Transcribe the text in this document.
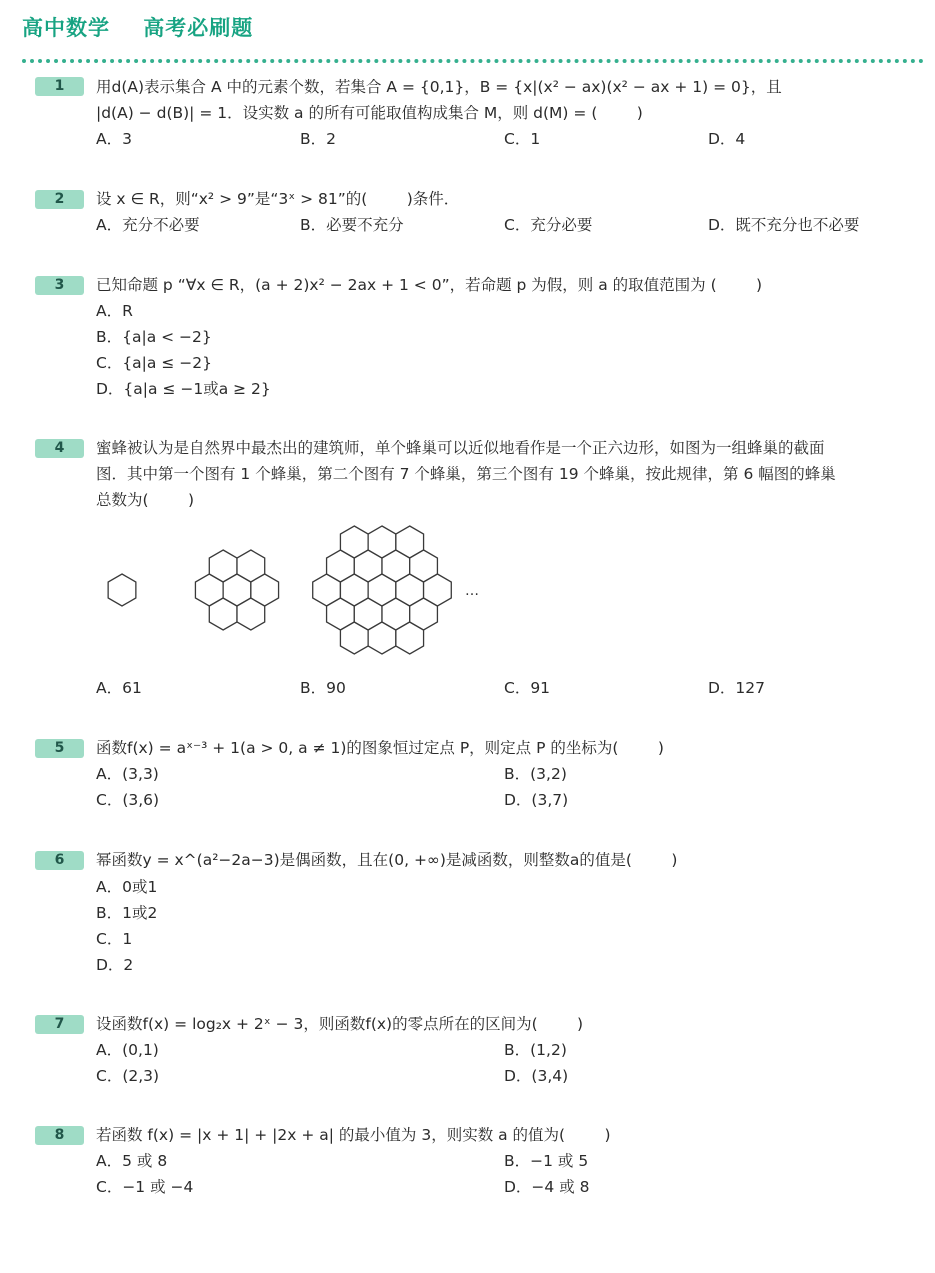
高中数学    高考必刷题
1	用d(A)表示集合 A 中的元素个数，若集合 A = {0,1}，B = {x|(x² − ax)(x² − ax + 1) = 0}，且
|d(A) − d(B)| = 1．设实数 a 的所有可能取值构成集合 M，则 d(M) = (        )
A．3	B．2	C．1	D．4
2	设 x ∈ R，则“x² > 9”是“3ˣ > 81”的(        )条件．
A．充分不必要	B．必要不充分	C．充分必要	D．既不充分也不必要
3	已知命题 p “∀x ∈ R，(a + 2)x² − 2ax + 1 < 0”，若命题 p 为假，则 a 的取值范围为 (        )
A．R
B．{a|a < −2}
C．{a|a ≤ −2}
D．{a|a ≤ −1或a ≥ 2}
4	蜜蜂被认为是自然界中最杰出的建筑师，单个蜂巢可以近似地看作是一个正六边形，如图为一组蜂巢的截面
图．其中第一个图有 1 个蜂巢，第二个图有 7 个蜂巢，第三个图有 19 个蜂巢，按此规律，第 6 幅图的蜂巢
总数为(        )
…
A．61	B．90	C．91	D．127
5	函数f(x) = aˣ⁻³ + 1(a > 0, a ≠ 1)的图象恒过定点 P，则定点 P 的坐标为(        )
A．(3,3)	B．(3,2)
C．(3,6)	D．(3,7)
6	幂函数y = x^(a²−2a−3)是偶函数，且在(0, +∞)是减函数，则整数a的值是(        )
A．0或1
B．1或2
C．1
D．2
7	设函数f(x) = log₂x + 2ˣ − 3，则函数f(x)的零点所在的区间为(        )
A．(0,1)	B．(1,2)
C．(2,3)	D．(3,4)
8	若函数 f(x) = |x + 1| + |2x + a| 的最小值为 3，则实数 a 的值为(        )
A．5 或 8	B．−1 或 5
C．−1 或 −4	D．−4 或 8
